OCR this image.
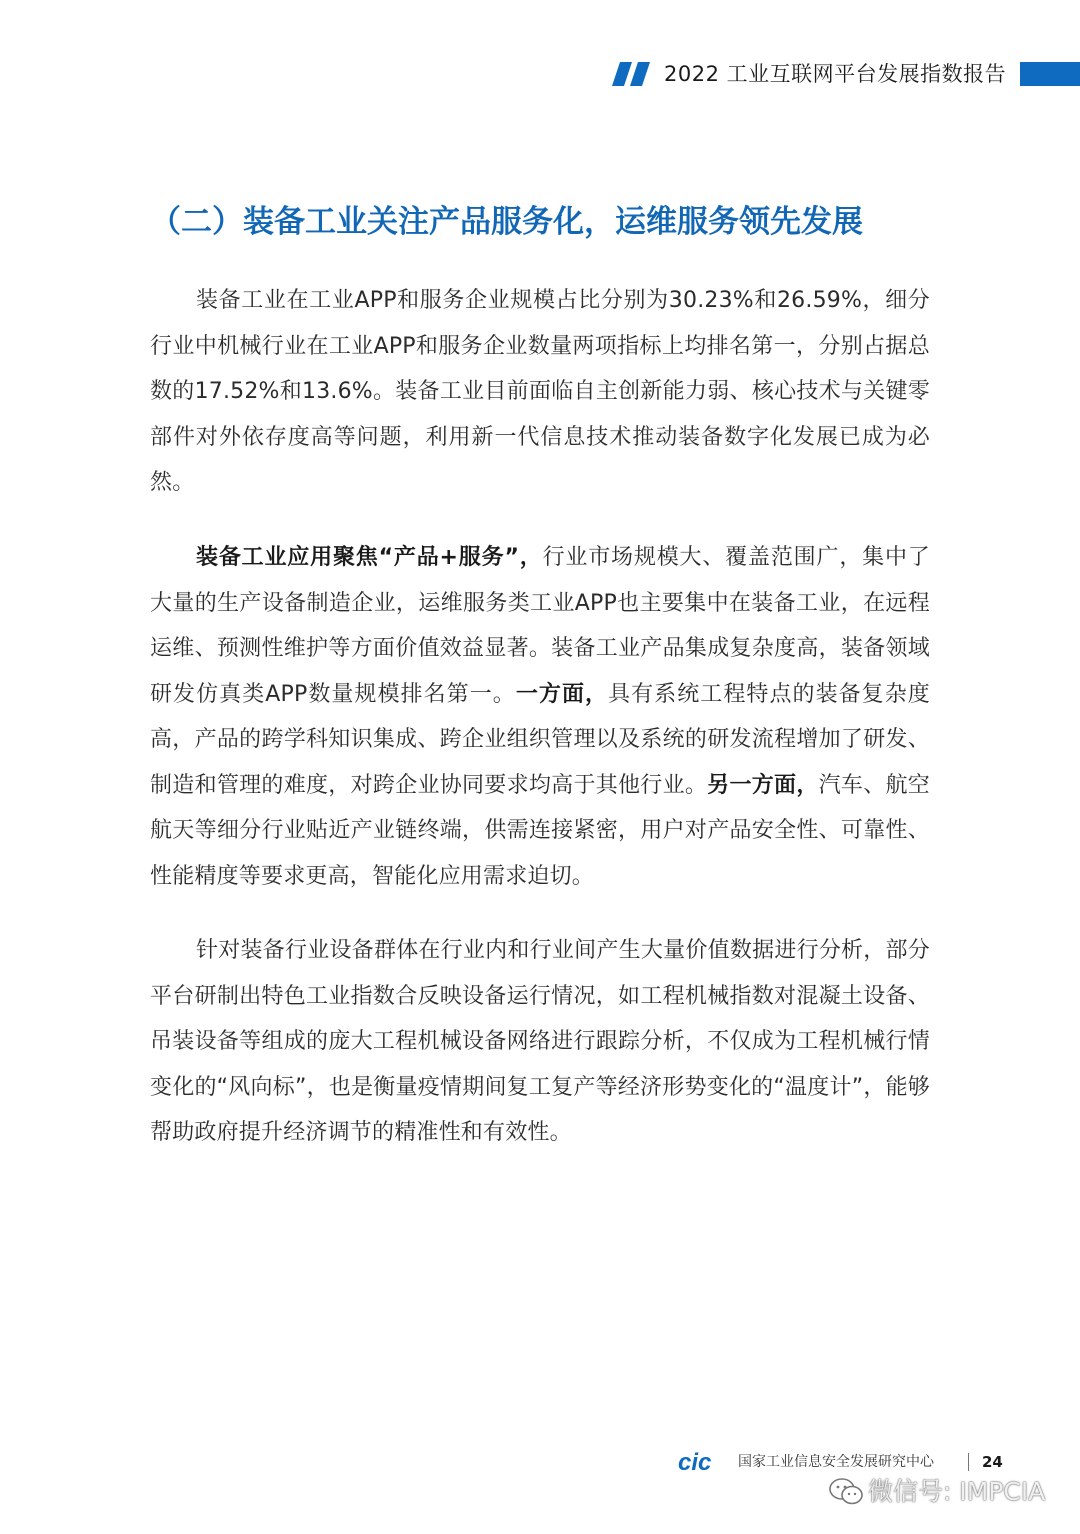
2022 工业互联网平台发展指数报告
（二）装备工业关注产品服务化，运维服务领先发展

装备工业在工业APP和服务企业规模占比分别为30.23%和26.59%，细分行业中机械行业在工业APP和服务企业数量两项指标上均排名第一，分别占据总数的17.52%和13.6%。装备工业目前面临自主创新能力弱、核心技术与关键零部件对外依存度高等问题，利用新一代信息技术推动装备数字化发展已成为必然。

装备工业应用聚焦“产品+服务”，行业市场规模大、覆盖范围广，集中了大量的生产设备制造企业，运维服务类工业APP也主要集中在装备工业，在远程运维、预测性维护等方面价值效益显著。装备工业产品集成复杂度高，装备领域研发仿真类APP数量规模排名第一。一方面，具有系统工程特点的装备复杂度高，产品的跨学科知识集成、跨企业组织管理以及系统的研发流程增加了研发、制造和管理的难度，对跨企业协同要求均高于其他行业。另一方面，汽车、航空航天等细分行业贴近产业链终端，供需连接紧密，用户对产品安全性、可靠性、性能精度等要求更高，智能化应用需求迫切。

针对装备行业设备群体在行业内和行业间产生大量价值数据进行分析，部分平台研制出特色工业指数合反映设备运行情况，如工程机械指数对混凝土设备、吊装设备等组成的庞大工程机械设备网络进行跟踪分析，不仅成为工程机械行情变化的“风向标”，也是衡量疫情期间复工复产等经济形势变化的“温度计”，能够帮助政府提升经济调节的精准性和有效性。

cic 国家工业信息安全发展研究中心	24
微信号: IMPCIA
